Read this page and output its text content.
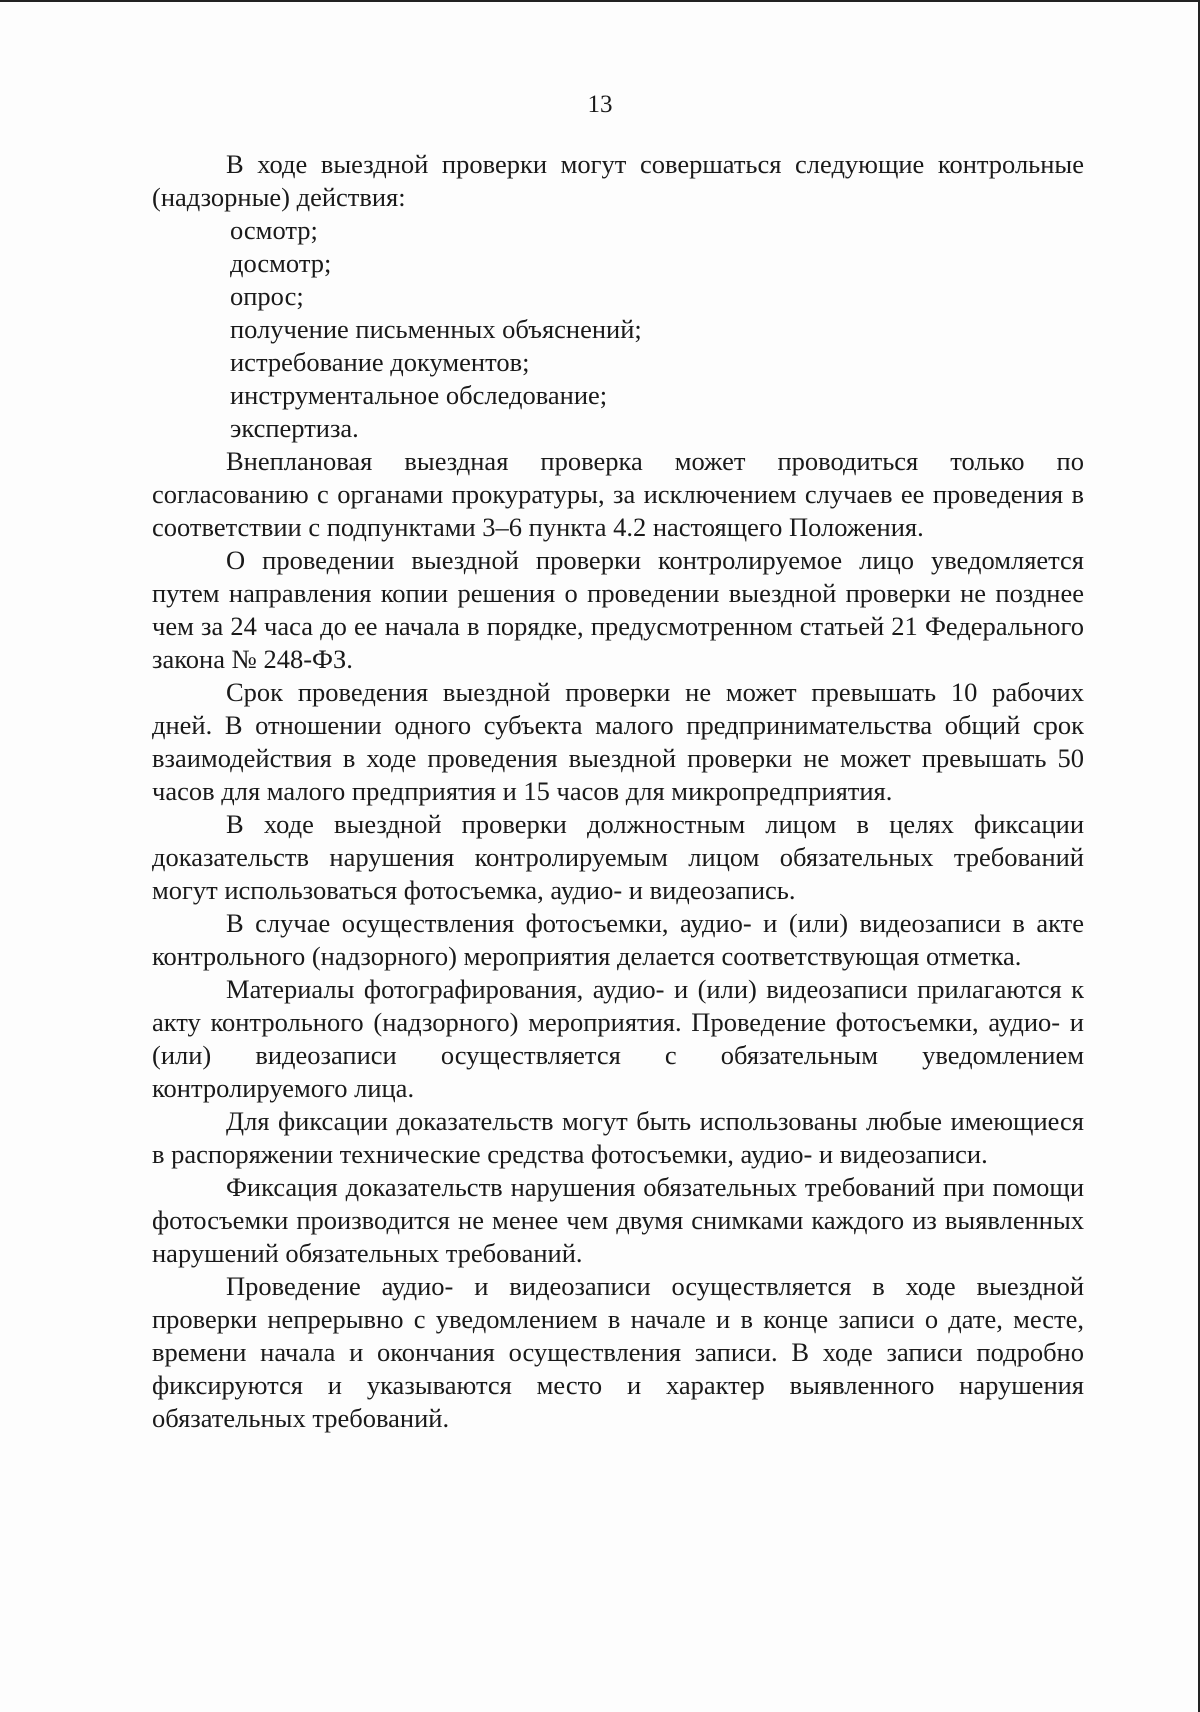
13

В ходе выездной проверки могут совершаться следующие контрольные (надзорные) действия:

осмотр;
досмотр;
опрос;
получение письменных объяснений;
истребование документов;
инструментальное обследование;
экспертиза.

Внеплановая выездная проверка может проводиться только по согласованию с органами прокуратуры, за исключением случаев ее проведения в соответствии с подпунктами 3–6 пункта 4.2 настоящего Положения.

О проведении выездной проверки контролируемое лицо уведомляется путем направления копии решения о проведении выездной проверки не позднее чем за 24 часа до ее начала в порядке, предусмотренном статьей 21 Федерального закона № 248-ФЗ.

Срок проведения выездной проверки не может превышать 10 рабочих дней. В отношении одного субъекта малого предпринимательства общий срок взаимодействия в ходе проведения выездной проверки не может превышать 50 часов для малого предприятия и 15 часов для микропредприятия.

В ходе выездной проверки должностным лицом в целях фиксации доказательств нарушения контролируемым лицом обязательных требований могут использоваться фотосъемка, аудио- и видеозапись.

В случае осуществления фотосъемки, аудио- и (или) видеозаписи в акте контрольного (надзорного) мероприятия делается соответствующая отметка.

Материалы фотографирования, аудио- и (или) видеозаписи прилагаются к акту контрольного (надзорного) мероприятия. Проведение фотосъемки, аудио- и (или) видеозаписи осуществляется с обязательным уведомлением контролируемого лица.

Для фиксации доказательств могут быть использованы любые имеющиеся в распоряжении технические средства фотосъемки, аудио- и видеозаписи.

Фиксация доказательств нарушения обязательных требований при помощи фотосъемки производится не менее чем двумя снимками каждого из выявленных нарушений обязательных требований.

Проведение аудио- и видеозаписи осуществляется в ходе выездной проверки непрерывно с уведомлением в начале и в конце записи о дате, месте, времени начала и окончания осуществления записи. В ходе записи подробно фиксируются и указываются место и характер выявленного нарушения обязательных требований.
